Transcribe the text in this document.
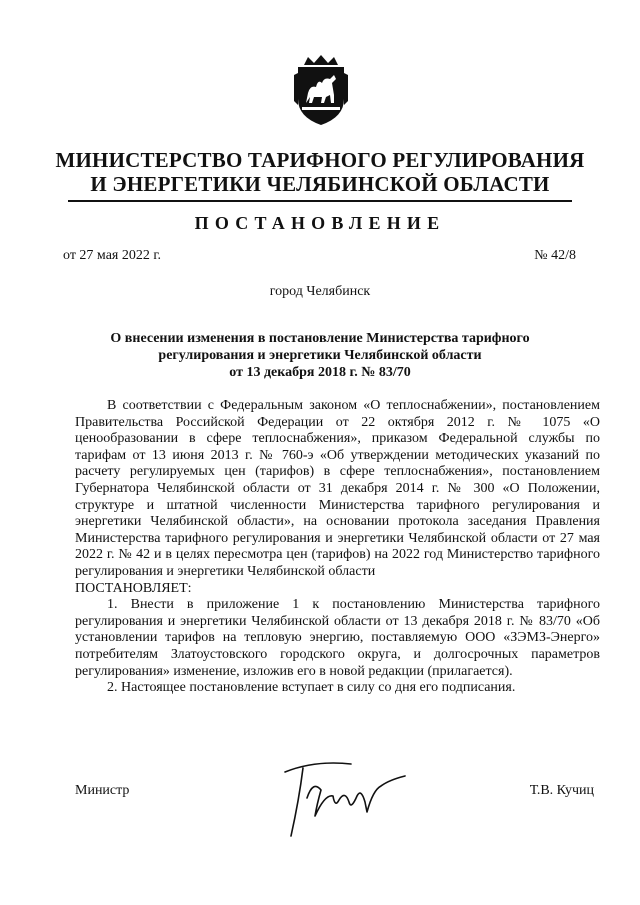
МИНИСТЕРСТВО ТАРИФНОГО РЕГУЛИРОВАНИЯ
И ЭНЕРГЕТИКИ ЧЕЛЯБИНСКОЙ ОБЛАСТИ
ПОСТАНОВЛЕНИЕ
от 27 мая 2022 г.	№ 42/8
город Челябинск
О внесении изменения в постановление Министерства тарифного
регулирования и энергетики Челябинской области
от 13 декабря 2018 г. № 83/70

В соответствии с Федеральным законом «О теплоснабжении», постановлением Правительства Российской Федерации от 22 октября 2012 г. № 1075 «О ценообразовании в сфере теплоснабжения», приказом Федеральной службы по тарифам от 13 июня 2013 г. № 760-э «Об утверждении методических указаний по расчету регулируемых цен (тарифов) в сфере теплоснабжения», постановлением Губернатора Челябинской области от 31 декабря 2014 г. № 300 «О Положении, структуре и штатной численности Министерства тарифного регулирования и энергетики Челябинской области», на основании протокола заседания Правления Министерства тарифного регулирования и энергетики Челябинской области от 27 мая 2022 г. № 42 и в целях пересмотра цен (тарифов) на 2022 год Министерство тарифного регулирования и энергетики Челябинской области

ПОСТАНОВЛЯЕТ:

1. Внести в приложение 1 к постановлению Министерства тарифного регулирования и энергетики Челябинской области от 13 декабря 2018 г. № 83/70 «Об установлении тарифов на тепловую энергию, поставляемую ООО «ЗЭМЗ-Энерго» потребителям Златоустовского городского округа, и долгосрочных параметров регулирования» изменение, изложив его в новой редакции (прилагается).

2. Настоящее постановление вступает в силу со дня его подписания.

Министр	Т.В. Кучиц
